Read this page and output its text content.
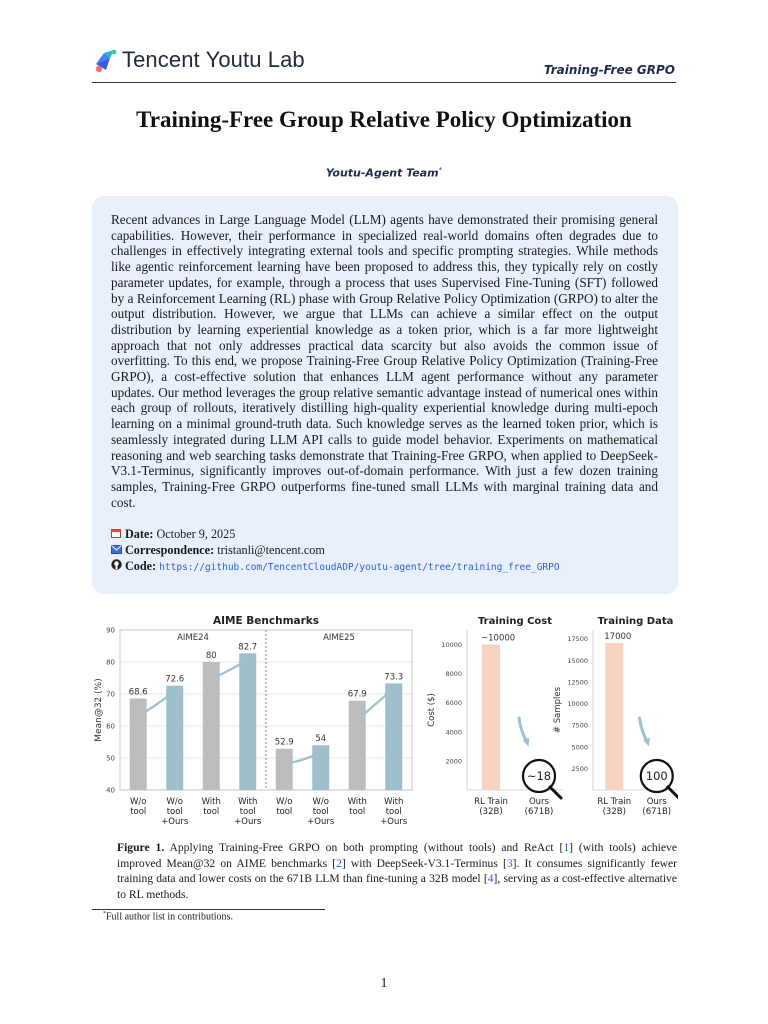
Tencent Youtu Lab	Training-Free GRPO
Training-Free Group Relative Policy Optimization
Youtu-Agent Team*
Recent advances in Large Language Model (LLM) agents have demonstrated their promising general capabilities. However, their performance in specialized real-world domains often degrades due to challenges in effectively integrating external tools and specific prompting strategies. While methods like agentic reinforcement learning have been proposed to address this, they typically rely on costly parameter updates, for example, through a process that uses Supervised Fine-Tuning (SFT) followed by a Reinforcement Learning (RL) phase with Group Relative Policy Optimization (GRPO) to alter the output distribution. However, we argue that LLMs can achieve a similar effect on the output distribution by learning experiential knowledge as a token prior, which is a far more lightweight approach that not only addresses practical data scarcity but also avoids the common issue of overfitting. To this end, we propose Training-Free Group Relative Policy Optimization (Training-Free GRPO), a cost-effective solution that enhances LLM agent performance without any parameter updates. Our method leverages the group relative semantic advantage instead of numerical ones within each group of rollouts, iteratively distilling high-quality experiential knowledge during multi-epoch learning on a minimal ground-truth data. Such knowledge serves as the learned token prior, which is seamlessly integrated during LLM API calls to guide model behavior. Experiments on mathematical reasoning and web searching tasks demonstrate that Training-Free GRPO, when applied to DeepSeek-V3.1-Terminus, significantly improves out-of-domain performance. With just a few dozen training samples, Training-Free GRPO outperforms fine-tuned small LLMs with marginal training data and cost.
Date: October 9, 2025
Correspondence: tristanli@tencent.com
Code: https://github.com/TencentCloudADP/youtu-agent/tree/training_free_GRPO
AIME Benchmarks
Mean@32 (%)
40
50
60
70
80
90
AIME24
68.6
W/o
tool
72.6
W/o
tool
+Ours
80
With
tool
82.7
With
tool
+Ours
AIME25
52.9
W/o
tool
54
W/o
tool
+Ours
67.9
With
tool
73.3
With
tool
+Ours
Training Cost
Cost ($)
2000
4000
6000
8000
10000
RL Train
(32B)
~10000
Ours
(671B)
~18
Training Data
# Samples
2500
5000
7500
10000
12500
15000
17500
RL Train
(32B)
17000
Ours
(671B)
100
Figure 1. Applying Training-Free GRPO on both prompting (without tools) and ReAct [1] (with tools) achieve improved Mean@32 on AIME benchmarks [2] with DeepSeek-V3.1-Terminus [3]. It consumes significantly fewer training data and lower costs on the 671B LLM than fine-tuning a 32B model [4], serving as a cost-effective alternative to RL methods.
*Full author list in contributions.
1
